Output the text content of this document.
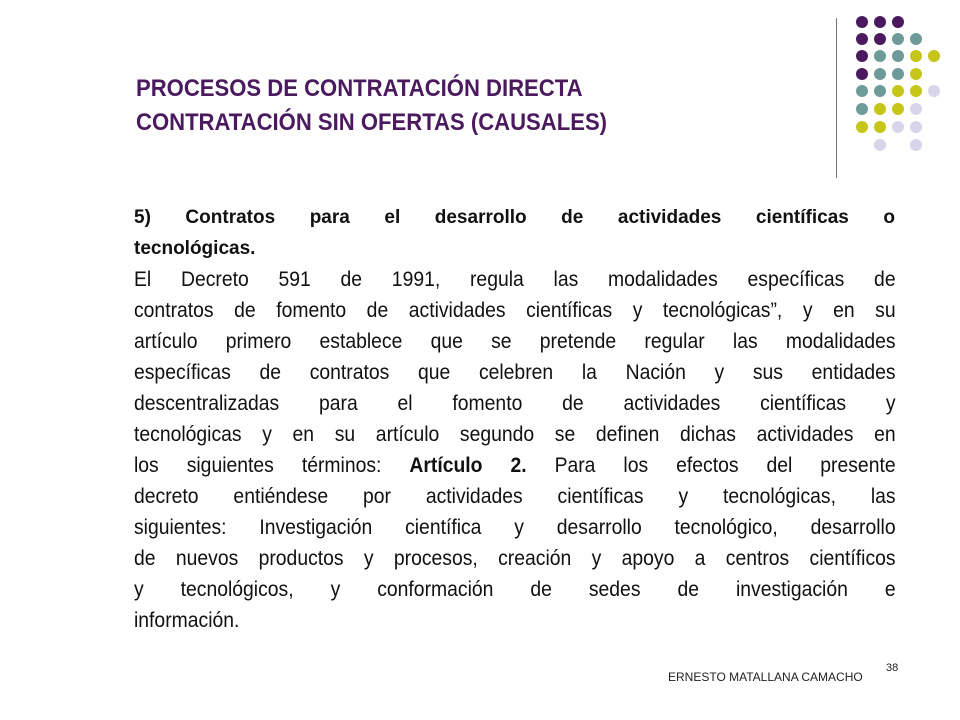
PROCESOS DE CONTRATACIÓN DIRECTA
CONTRATACIÓN SIN OFERTAS (CAUSALES)
5) Contratos para el desarrollo de actividades científicas o
tecnológicas.
El Decreto 591 de 1991, regula las modalidades específicas de
contratos de fomento de actividades científicas y tecnológicas”, y en su
artículo primero establece que se pretende regular las modalidades
específicas de contratos que celebren la Nación y sus entidades
descentralizadas para el fomento de actividades científicas y
tecnológicas y en su artículo segundo se definen dichas actividades en
los siguientes términos: Artículo 2. Para los efectos del presente
decreto entiéndese por actividades científicas y tecnológicas, las
siguientes: Investigación científica y desarrollo tecnológico, desarrollo
de nuevos productos y procesos, creación y apoyo a centros científicos
y tecnológicos, y conformación de sedes de investigación e
información.
ERNESTO MATALLANA CAMACHO
38
